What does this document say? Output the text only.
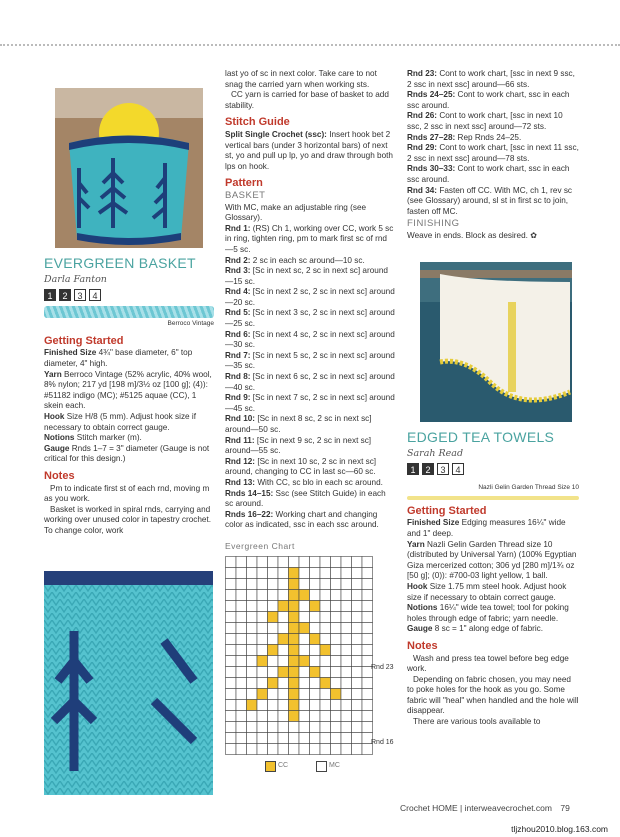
EVERGREEN BASKET
Darla Fanton
1	2	3	4
Berroco Vintage
Getting Started

Finished Size 4¾" base diameter, 6" top diameter, 4" high.

Yarn Berroco Vintage (52% acrylic, 40% wool, 8% nylon; 217 yd [198 m]/3½ oz [100 g]; (4)): #51182 indigo (MC); #5125 aquae (CC), 1 skein each.

Hook Size H/8 (5 mm). Adjust hook size if necessary to obtain correct gauge.

Notions Stitch marker (m).

Gauge Rnds 1–7 = 3" diameter (Gauge is not critical for this design.)

Notes

Pm to indicate first st of each rnd, moving m as you work.

Basket is worked in spiral rnds, carrying and working over unused color in tapestry crochet. To change color, work

last yo of sc in next color. Take care to not snag the carried yarn when working sts.

CC yarn is carried for base of basket to add stability.

Stitch Guide

Split Single Crochet (ssc): Insert hook bet 2 vertical bars (under 3 horizontal bars) of next st, yo and pull up lp, yo and draw through both lps on hook.

Pattern
BASKET

With MC, make an adjustable ring (see Glossary).

Rnd 1: (RS) Ch 1, working over CC, work 5 sc in ring, tighten ring, pm to mark first sc of rnd—5 sc.

Rnd 2: 2 sc in each sc around—10 sc.

Rnd 3: [Sc in next sc, 2 sc in next sc] around—15 sc.

Rnd 4: [Sc in next 2 sc, 2 sc in next sc] around—20 sc.

Rnd 5: [Sc in next 3 sc, 2 sc in next sc] around—25 sc.

Rnd 6: [Sc in next 4 sc, 2 sc in next sc] around—30 sc.

Rnd 7: [Sc in next 5 sc, 2 sc in next sc] around—35 sc.

Rnd 8: [Sc in next 6 sc, 2 sc in next sc] around—40 sc.

Rnd 9: [Sc in next 7 sc, 2 sc in next sc] around—45 sc.

Rnd 10: [Sc in next 8 sc, 2 sc in next sc] around—50 sc.

Rnd 11: [Sc in next 9 sc, 2 sc in next sc] around—55 sc.

Rnd 12: [Sc in next 10 sc, 2 sc in next sc] around, changing to CC in last sc—60 sc.

Rnd 13: With CC, sc blo in each sc around.

Rnds 14–15: Ssc (see Stitch Guide) in each sc around.

Rnds 16–22: Working chart and changing color as indicated, ssc in each ssc around.

Evergreen Chart
Rnd 23
Rnd 16
CC	MC

Rnd 23: Cont to work chart, [ssc in next 9 ssc, 2 ssc in next ssc] around—66 sts.

Rnds 24–25: Cont to work chart, ssc in each ssc around.

Rnd 26: Cont to work chart, [ssc in next 10 ssc, 2 ssc in next ssc] around—72 sts.

Rnds 27–28: Rep Rnds 24–25.

Rnd 29: Cont to work chart, [ssc in next 11 ssc, 2 ssc in next ssc] around—78 sts.

Rnds 30–33: Cont to work chart, ssc in each ssc around.

Rnd 34: Fasten off CC. With MC, ch 1, rev sc (see Glossary) around, sl st in first sc to join, fasten off MC.

FINISHING

Weave in ends. Block as desired. ✿

EDGED TEA TOWELS
Sarah Read
1	2	3	4
Nazli Gelin Garden Thread Size 10
Getting Started

Finished Size Edging measures 16¼" wide and 1" deep.

Yarn Nazli Gelin Garden Thread size 10 (distributed by Universal Yarn) (100% Egyptian Giza mercerized cotton; 306 yd [280 m]/1¾ oz [50 g]; (0)): #700-03 light yellow, 1 ball.

Hook Size 1.75 mm steel hook. Adjust hook size if necessary to obtain correct gauge.

Notions 16¼" wide tea towel; tool for poking holes through edge of fabric; yarn needle.

Gauge 8 sc = 1" along edge of fabric.

Notes

Wash and press tea towel before beg edge work.

Depending on fabric chosen, you may need to poke holes for the hook as you go. Some fabric will "heal" when handled and the hole will disappear.

There are various tools available to

Crochet HOME | interweavecrochet.com 79
tljzhou2010.blog.163.com
